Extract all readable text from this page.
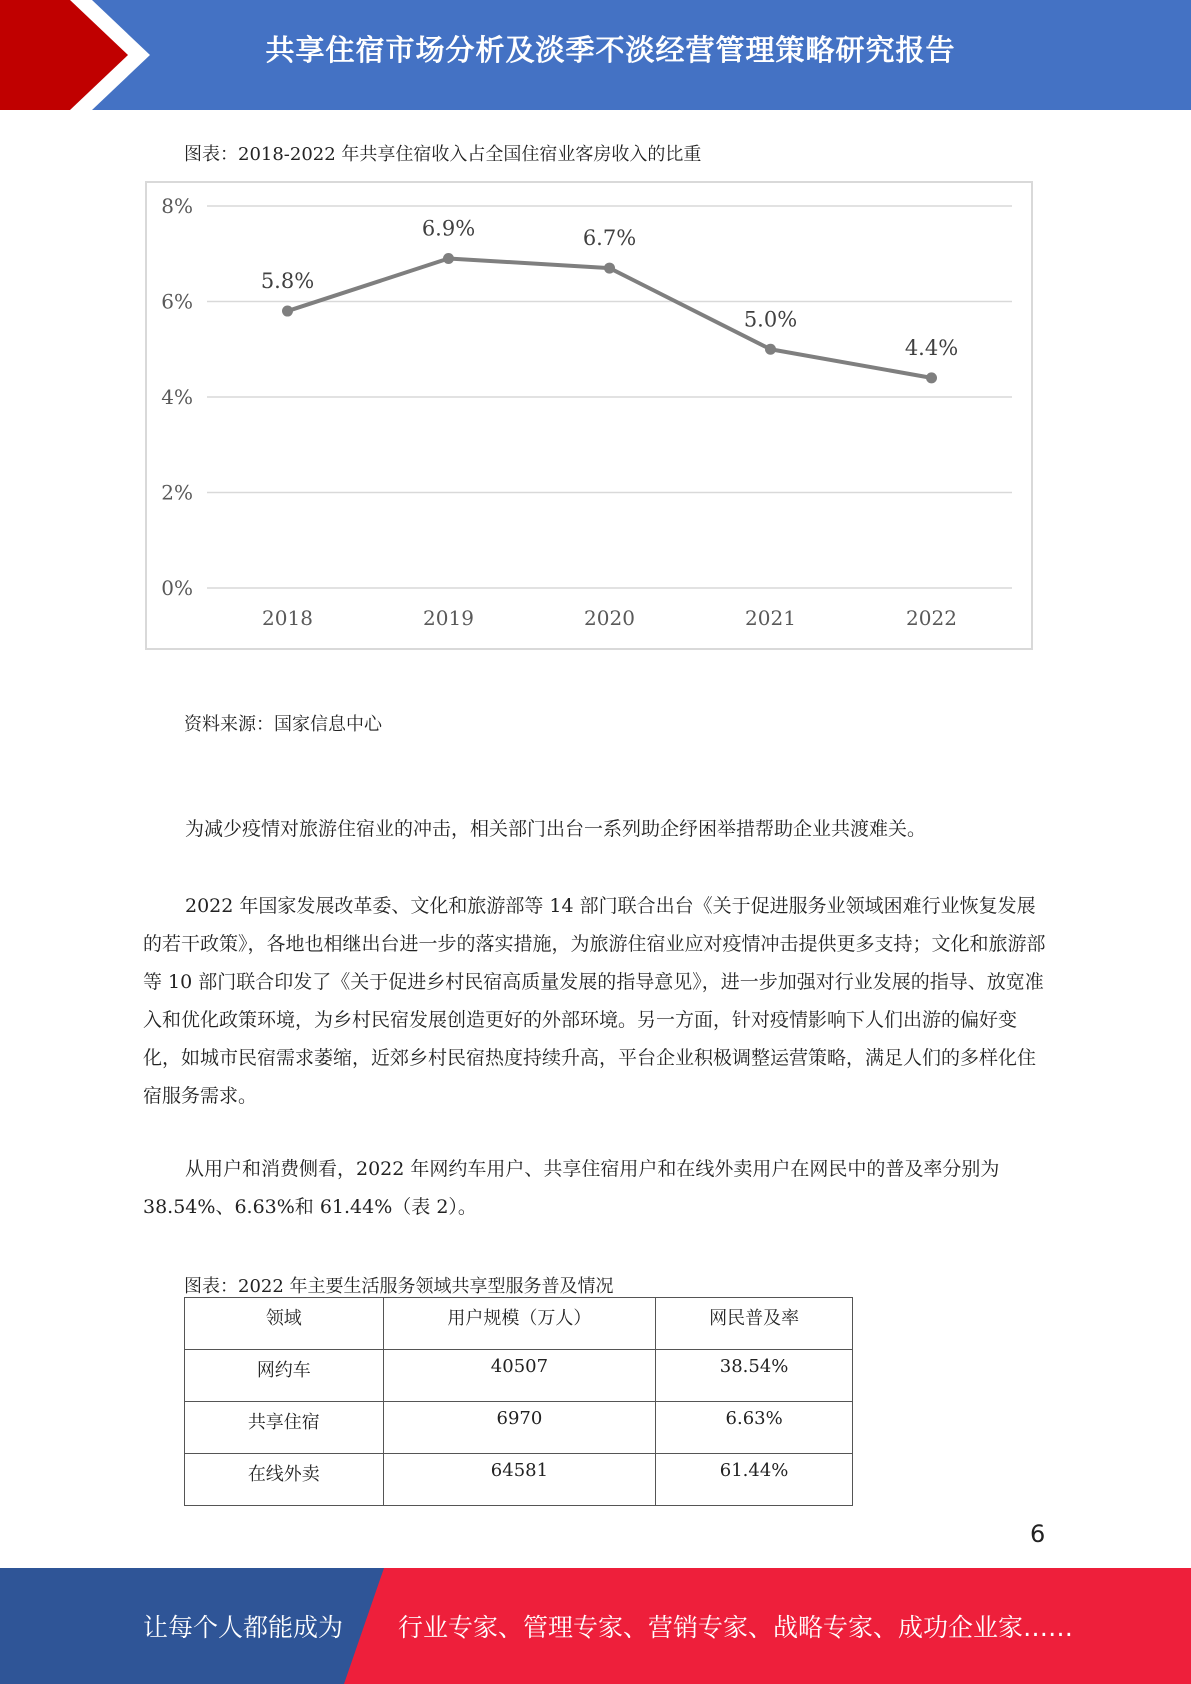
共享住宿市场分析及淡季不淡经营管理策略研究报告
图表：2018-2022 年共享住宿收入占全国住宿业客房收入的比重
0%
2%
4%
6%
8%
2018	2019	2020	2021	2022
5.8%
6.9%	6.7%
5.0%
4.4%
资料来源：国家信息中心

为减少疫情对旅游住宿业的冲击，相关部门出台一系列助企纾困举措帮助企业共渡难关。

2022 年国家发展改革委、文化和旅游部等 14 部门联合出台《关于促进服务业领域困难行业恢复发展的若干政策》，各地也相继出台进一步的落实措施，为旅游住宿业应对疫情冲击提供更多支持；文化和旅游部等 10 部门联合印发了《关于促进乡村民宿高质量发展的指导意见》，进一步加强对行业发展的指导、放宽准入和优化政策环境，为乡村民宿发展创造更好的外部环境。另一方面，针对疫情影响下人们出游的偏好变化，如城市民宿需求萎缩，近郊乡村民宿热度持续升高，平台企业积极调整运营策略，满足人们的多样化住宿服务需求。

从用户和消费侧看，2022 年网约车用户、共享住宿用户和在线外卖用户在网民中的普及率分别为 38.54%、6.63%和 61.44%（表 2）。

图表：2022 年主要生活服务领域共享型服务普及情况
领域	用户规模（万人）	网民普及率
网约车	40507	38.54%
共享住宿	6970	6.63%
在线外卖	64581	61.44%
6
让每个人都能成为 行业专家、管理专家、营销专家、战略专家、成功企业家……
